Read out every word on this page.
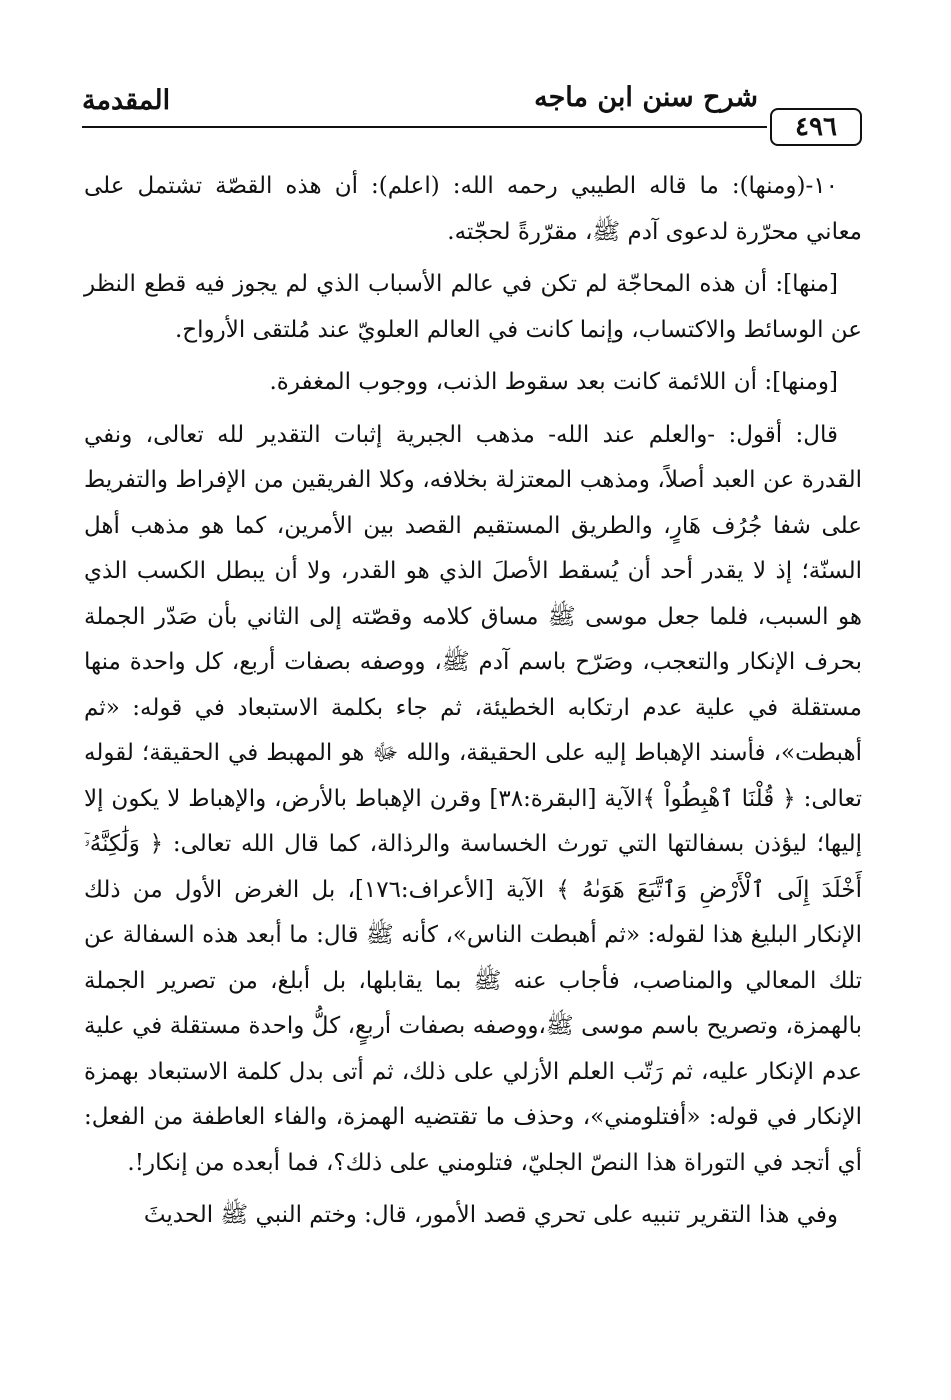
٤٩٦
شرح سنن ابن ماجه
المقدمة

١٠-(ومنها): ما قاله الطيبي رحمه الله: (اعلم): أن هذه القصّة تشتمل على معاني محرّرة لدعوى آدم ﷺ، مقرّرةً لحجّته.

[منها]: أن هذه المحاجّة لم تكن في عالم الأسباب الذي لم يجوز فيه قطع النظر عن الوسائط والاكتساب، وإنما كانت في العالم العلويّ عند مُلتقى الأرواح.

[ومنها]: أن اللائمة كانت بعد سقوط الذنب، ووجوب المغفرة.

قال: أقول: -والعلم عند الله- مذهب الجبرية إثبات التقدير لله تعالى، ونفي القدرة عن العبد أصلاً، ومذهب المعتزلة بخلافه، وكلا الفريقين من الإفراط والتفريط على شفا جُرُف هَارٍ، والطريق المستقيم القصد بين الأمرين، كما هو مذهب أهل السنّة؛ إذ لا يقدر أحد أن يُسقط الأصلَ الذي هو القدر، ولا أن يبطل الكسب الذي هو السبب، فلما جعل موسى ﷺ مساق كلامه وقصّته إلى الثاني بأن صَدّر الجملة بحرف الإنكار والتعجب، وصَرّح باسم آدم ﷺ، ووصفه بصفات أربع، كل واحدة منها مستقلة في علية عدم ارتكابه الخطيئة، ثم جاء بكلمة الاستبعاد في قوله: «ثم أهبطت»، فأسند الإهباط إليه على الحقيقة، والله ﷻ هو المهبط في الحقيقة؛ لقوله تعالى: ﴿ قُلْنَا ٱهْبِطُواْ ﴾الآية [البقرة:٣٨] وقرن الإهباط بالأرض، والإهباط لا يكون إلا إليها؛ ليؤذن بسفالتها التي تورث الخساسة والرذالة، كما قال الله تعالى: ﴿ وَلَٰكِنَّهُۥٓ أَخْلَدَ إِلَى ٱلْأَرْضِ وَٱتَّبَعَ هَوَىٰهُ ﴾ الآية [الأعراف:١٧٦]، بل الغرض الأول من ذلك الإنكار البليغ هذا لقوله: «ثم أهبطت الناس»، كأنه ﷺ قال: ما أبعد هذه السفالة عن تلك المعالي والمناصب، فأجاب عنه ﷺ بما يقابلها، بل أبلغ، من تصرير الجملة بالهمزة، وتصريح باسم موسى ﷺ،ووصفه بصفات أربعٍ، كلُّ واحدة مستقلة في علية عدم الإنكار عليه، ثم رَتّب العلم الأزلي على ذلك، ثم أتى بدل كلمة الاستبعاد بهمزة الإنكار في قوله: «أفتلومني»، وحذف ما تقتضيه الهمزة، والفاء العاطفة من الفعل: أي أتجد في التوراة هذا النصّ الجليّ، فتلومني على ذلك؟، فما أبعده من إنكار!.

وفي هذا التقرير تنبيه على تحري قصد الأمور، قال: وختم النبي ﷺ الحديثَ
